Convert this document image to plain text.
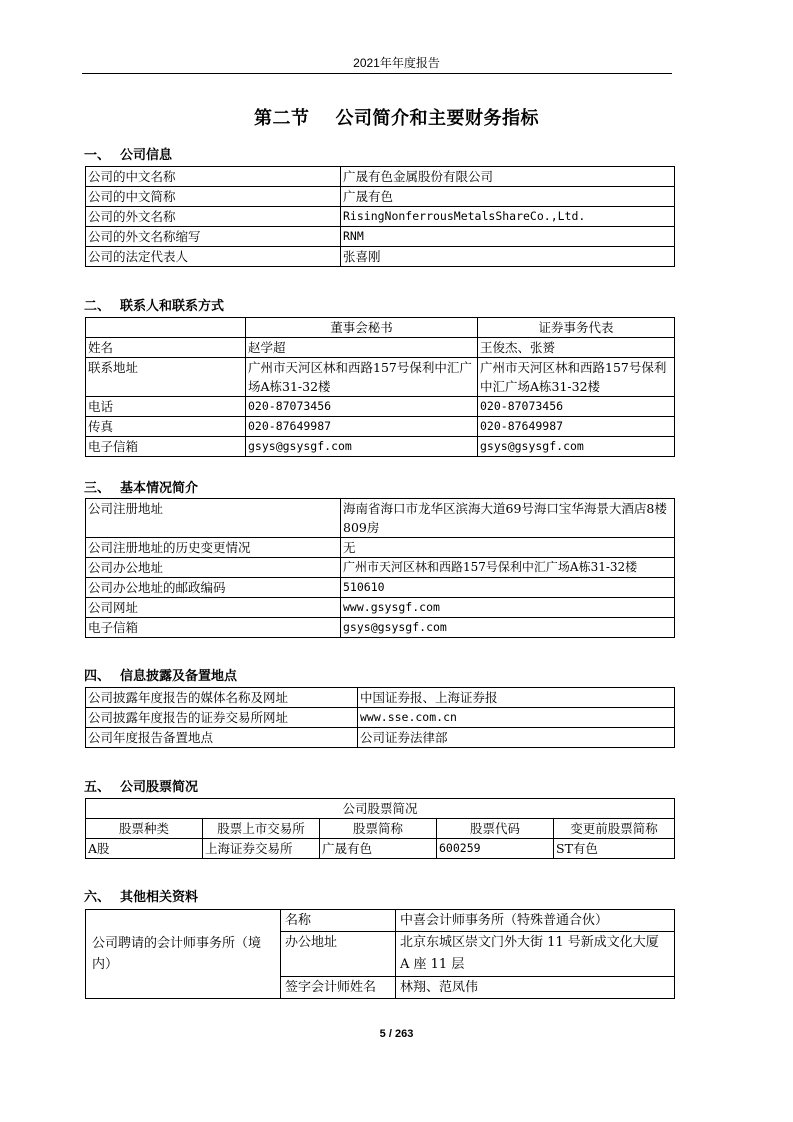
2021年年度报告
第二节 公司简介和主要财务指标
一、 公司信息
公司的中文名称	广晟有色金属股份有限公司
公司的中文简称	广晟有色
公司的外文名称	RisingNonferrousMetalsShareCo.,Ltd.
公司的外文名称缩写	RNM
公司的法定代表人	张喜刚
二、 联系人和联系方式
	董事会秘书	证券事务代表
姓名	赵学超	王俊杰、张赟
联系地址	广州市天河区林和西路157号保利中汇广场A栋31-32楼	广州市天河区林和西路157号保利中汇广场A栋31-32楼
电话	020-87073456	020-87073456
传真	020-87649987	020-87649987
电子信箱	gsys@gsysgf.com	gsys@gsysgf.com
三、 基本情况简介
公司注册地址	海南省海口市龙华区滨海大道69号海口宝华海景大酒店8楼809房
公司注册地址的历史变更情况	无
公司办公地址	广州市天河区林和西路157号保利中汇广场A栋31-32楼
公司办公地址的邮政编码	510610
公司网址	www.gsysgf.com
电子信箱	gsys@gsysgf.com
四、 信息披露及备置地点
公司披露年度报告的媒体名称及网址	中国证券报、上海证券报
公司披露年度报告的证券交易所网址	www.sse.com.cn
公司年度报告备置地点	公司证券法律部
五、 公司股票简况
公司股票简况				
股票种类	股票上市交易所	股票简称	股票代码	变更前股票简称
A股	上海证券交易所	广晟有色	600259	ST有色
六、 其他相关资料
公司聘请的会计师事务所（境内）	名称	中喜会计师事务所（特殊普通合伙）
	办公地址	北京东城区崇文门外大街 11 号新成文化大厦 A 座 11 层
	签字会计师姓名	林翔、范凤伟
5 / 263
